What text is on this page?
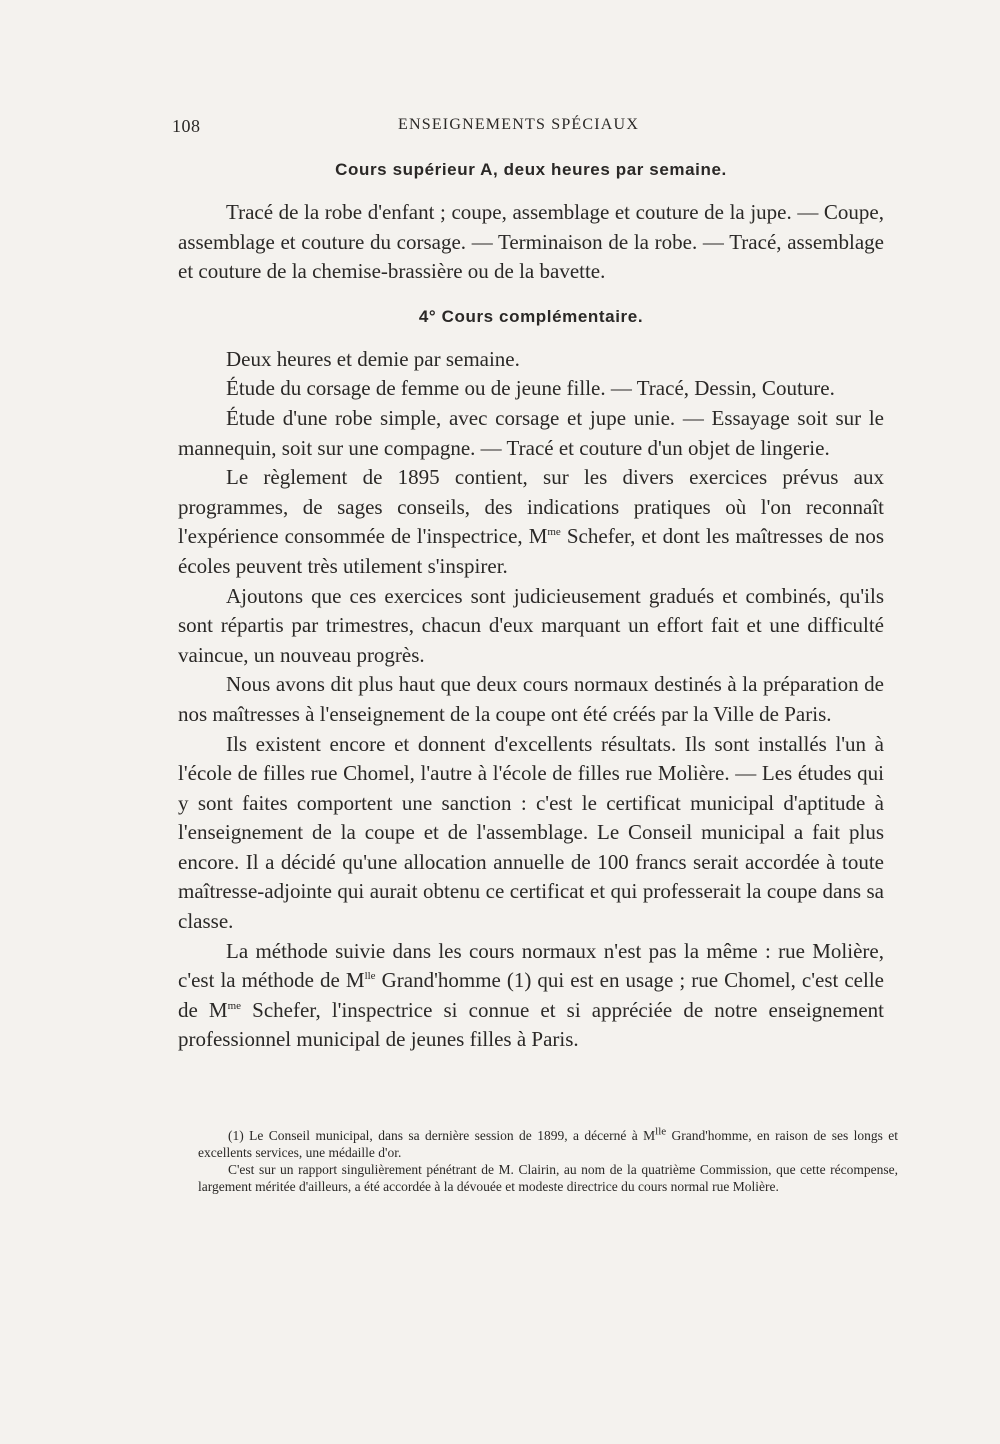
108	ENSEIGNEMENTS SPÉCIAUX
Cours supérieur A, deux heures par semaine.

Tracé de la robe d'enfant ; coupe, assemblage et couture de la jupe. — Coupe, assemblage et couture du corsage. — Terminaison de la robe. — Tracé, assemblage et couture de la chemise-brassière ou de la bavette.

4° Cours complémentaire.

Deux heures et demie par semaine.

Étude du corsage de femme ou de jeune fille. — Tracé, Dessin, Couture.

Étude d'une robe simple, avec corsage et jupe unie. — Essayage soit sur le mannequin, soit sur une compagne. — Tracé et couture d'un objet de lingerie.

Le règlement de 1895 contient, sur les divers exercices prévus aux programmes, de sages conseils, des indications pratiques où l'on reconnaît l'expérience consommée de l'inspectrice, $M^{me}$ Schefer, et dont les maîtresses de nos écoles peuvent très utilement s'inspirer.

Ajoutons que ces exercices sont judicieusement gradués et combinés, qu'ils sont répartis par trimestres, chacun d'eux marquant un effort fait et une difficulté vaincue, un nouveau progrès.

Nous avons dit plus haut que deux cours normaux destinés à la préparation de nos maîtresses à l'enseignement de la coupe ont été créés par la Ville de Paris.

Ils existent encore et donnent d'excellents résultats. Ils sont installés l'un à l'école de filles rue Chomel, l'autre à l'école de filles rue Molière. — Les études qui y sont faites comportent une sanction : c'est le certificat municipal d'aptitude à l'enseignement de la coupe et de l'assemblage. Le Conseil municipal a fait plus encore. Il a décidé qu'une allocation annuelle de 100 francs serait accordée à toute maîtresse-adjointe qui aurait obtenu ce certificat et qui professerait la coupe dans sa classe.

La méthode suivie dans les cours normaux n'est pas la même : rue Molière, c'est la méthode de $M^{lle}$ Grand'homme (1) qui est en usage ; rue Chomel, c'est celle de $M^{me}$ Schefer, l'inspectrice si connue et si appréciée de notre enseignement professionnel municipal de jeunes filles à Paris.

(1) Le Conseil municipal, dans sa dernière session de 1899, a décerné à $M^{lle}$ Grand'homme, en raison de ses longs et excellents services, une médaille d'or.

C'est sur un rapport singulièrement pénétrant de M. Clairin, au nom de la quatrième Commission, que cette récompense, largement méritée d'ailleurs, a été accordée à la dévouée et modeste directrice du cours normal rue Molière.
